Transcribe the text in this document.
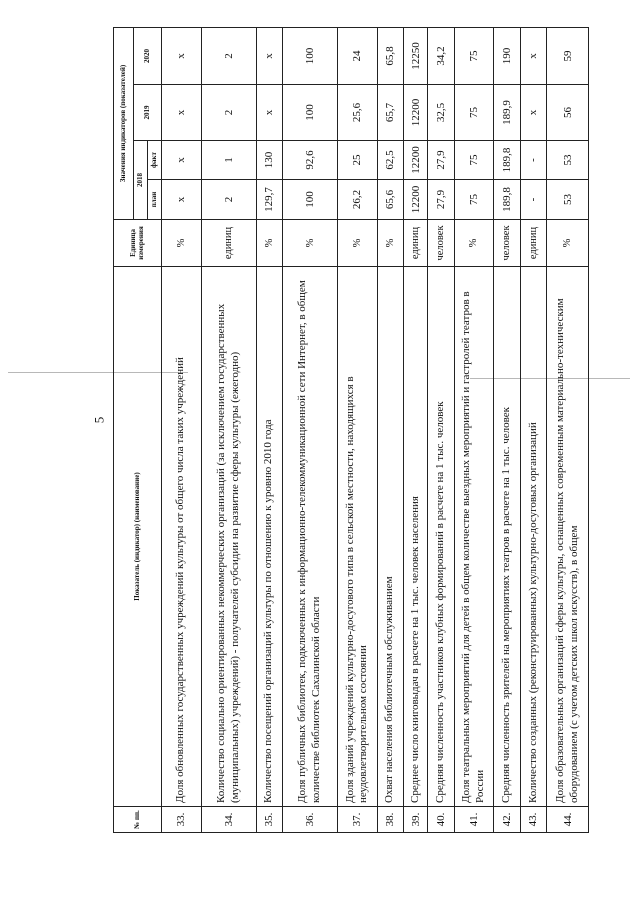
5
№ пп.	Показатель (индикатор) (наименование)	Единица измерения	Значения индикаторов (показателей)			
			2018		2019	2020
			план	факт		
33.	Доля обновленных государственных учреждений культуры от общего числа таких учреждений	%	x	x	x	x
34.	Количество социально ориентированных некоммерческих организаций (за исключением государственных (муниципальных) учреждений) - получателей субсидии на развитие сферы культуры (ежегодно)	единиц	2	1	2	2
35.	Количество посещений организаций культуры по отношению к уровню 2010 года	%	129,7	130	x	x
36.	Доля публичных библиотек, подключенных к информационно-телекоммуникационной сети Интернет, в общем количестве библиотек Сахалинской области	%	100	92,6	100	100
37.	Доля зданий учреждений культурно-досугового типа в сельской местности, находящихся в неудовлетворительном состоянии	%	26,2	25	25,6	24
38.	Охват населения библиотечным обслуживанием	%	65,6	62,5	65,7	65,8
39.	Среднее число книговыдач в расчете на 1 тыс. человек населения	единиц	12200	12200	12200	12250
40.	Средняя численность участников клубных формирований в расчете на 1 тыс. человек	человек	27,9	27,9	32,5	34,2
41.	Доля театральных мероприятий для детей в общем количестве выездных мероприятий и гастролей театров в России	%	75	75	75	75
42.	Средняя численность зрителей на мероприятиях театров в расчете на 1 тыс. человек	человек	189,8	189,8	189,9	190
43.	Количество созданных (реконструированных) культурно-досуговых организаций	единиц	-	-	x	x
44.	Доля образовательных организаций сферы культуры, оснащенных современным материально-техническим оборудованием (с учетом детских школ искусств), в общем	%	53	53	56	59
